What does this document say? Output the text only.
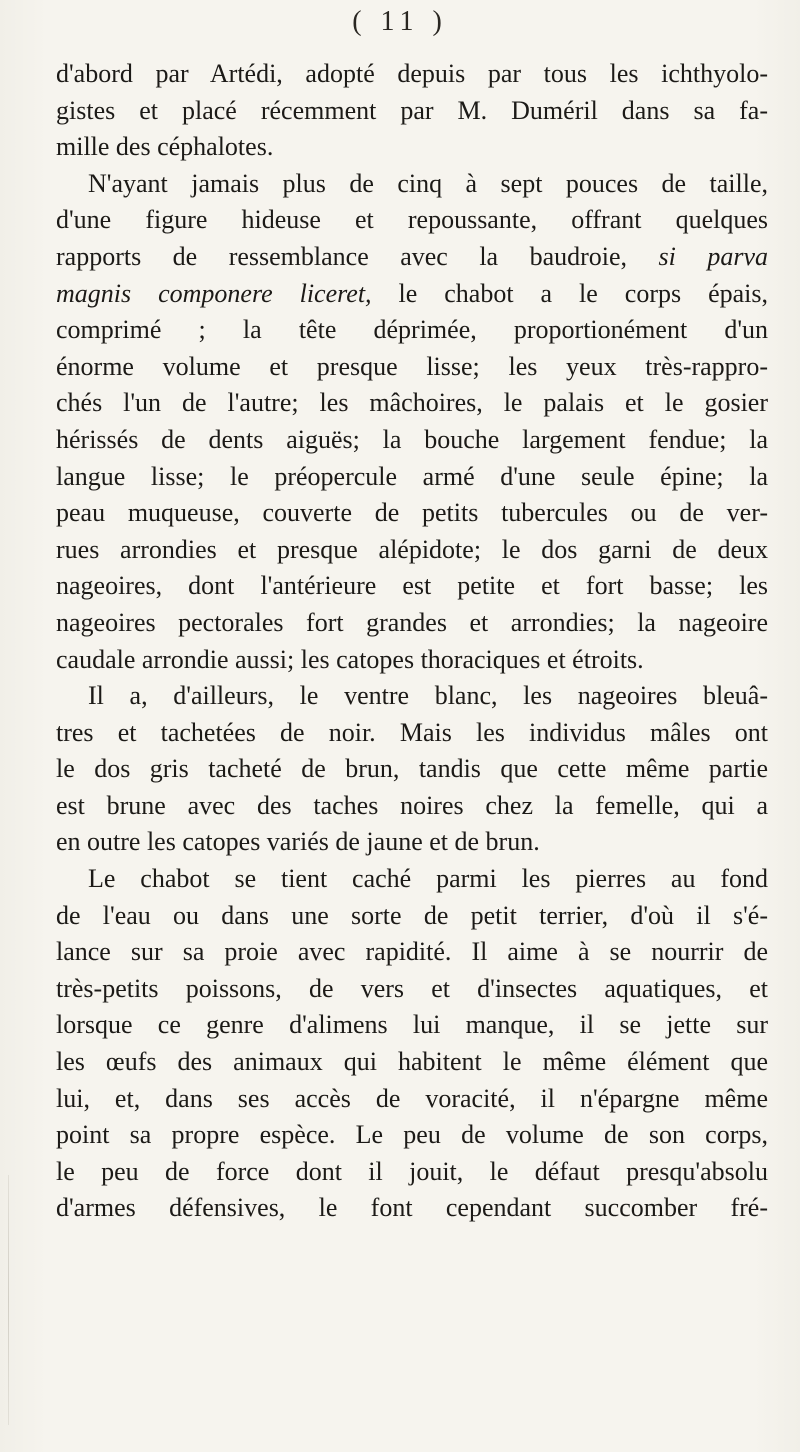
( 11 )
d'abord par Artédi, adopté depuis par tous les ichthyolo-
gistes et placé récemment par M. Duméril dans sa fa-
mille des céphalotes.
N'ayant jamais plus de cinq à sept pouces de taille,
d'une figure hideuse et repoussante, offrant quelques
rapports de ressemblance avec la baudroie, si parva
magnis componere liceret, le chabot a le corps épais,
comprimé ; la tête déprimée, proportionément d'un
énorme volume et presque lisse; les yeux très-rappro-
chés l'un de l'autre; les mâchoires, le palais et le gosier
hérissés de dents aiguës; la bouche largement fendue; la
langue lisse; le préopercule armé d'une seule épine; la
peau muqueuse, couverte de petits tubercules ou de ver-
rues arrondies et presque alépidote; le dos garni de deux
nageoires, dont l'antérieure est petite et fort basse; les
nageoires pectorales fort grandes et arrondies; la nageoire
caudale arrondie aussi; les catopes thoraciques et étroits.
Il a, d'ailleurs, le ventre blanc, les nageoires bleuâ-
tres et tachetées de noir. Mais les individus mâles ont
le dos gris tacheté de brun, tandis que cette même partie
est brune avec des taches noires chez la femelle, qui a
en outre les catopes variés de jaune et de brun.
Le chabot se tient caché parmi les pierres au fond
de l'eau ou dans une sorte de petit terrier, d'où il s'é-
lance sur sa proie avec rapidité. Il aime à se nourrir de
très-petits poissons, de vers et d'insectes aquatiques, et
lorsque ce genre d'alimens lui manque, il se jette sur
les œufs des animaux qui habitent le même élément que
lui, et, dans ses accès de voracité, il n'épargne même
point sa propre espèce. Le peu de volume de son corps,
le peu de force dont il jouit, le défaut presqu'absolu
d'armes défensives, le font cependant succomber fré-
